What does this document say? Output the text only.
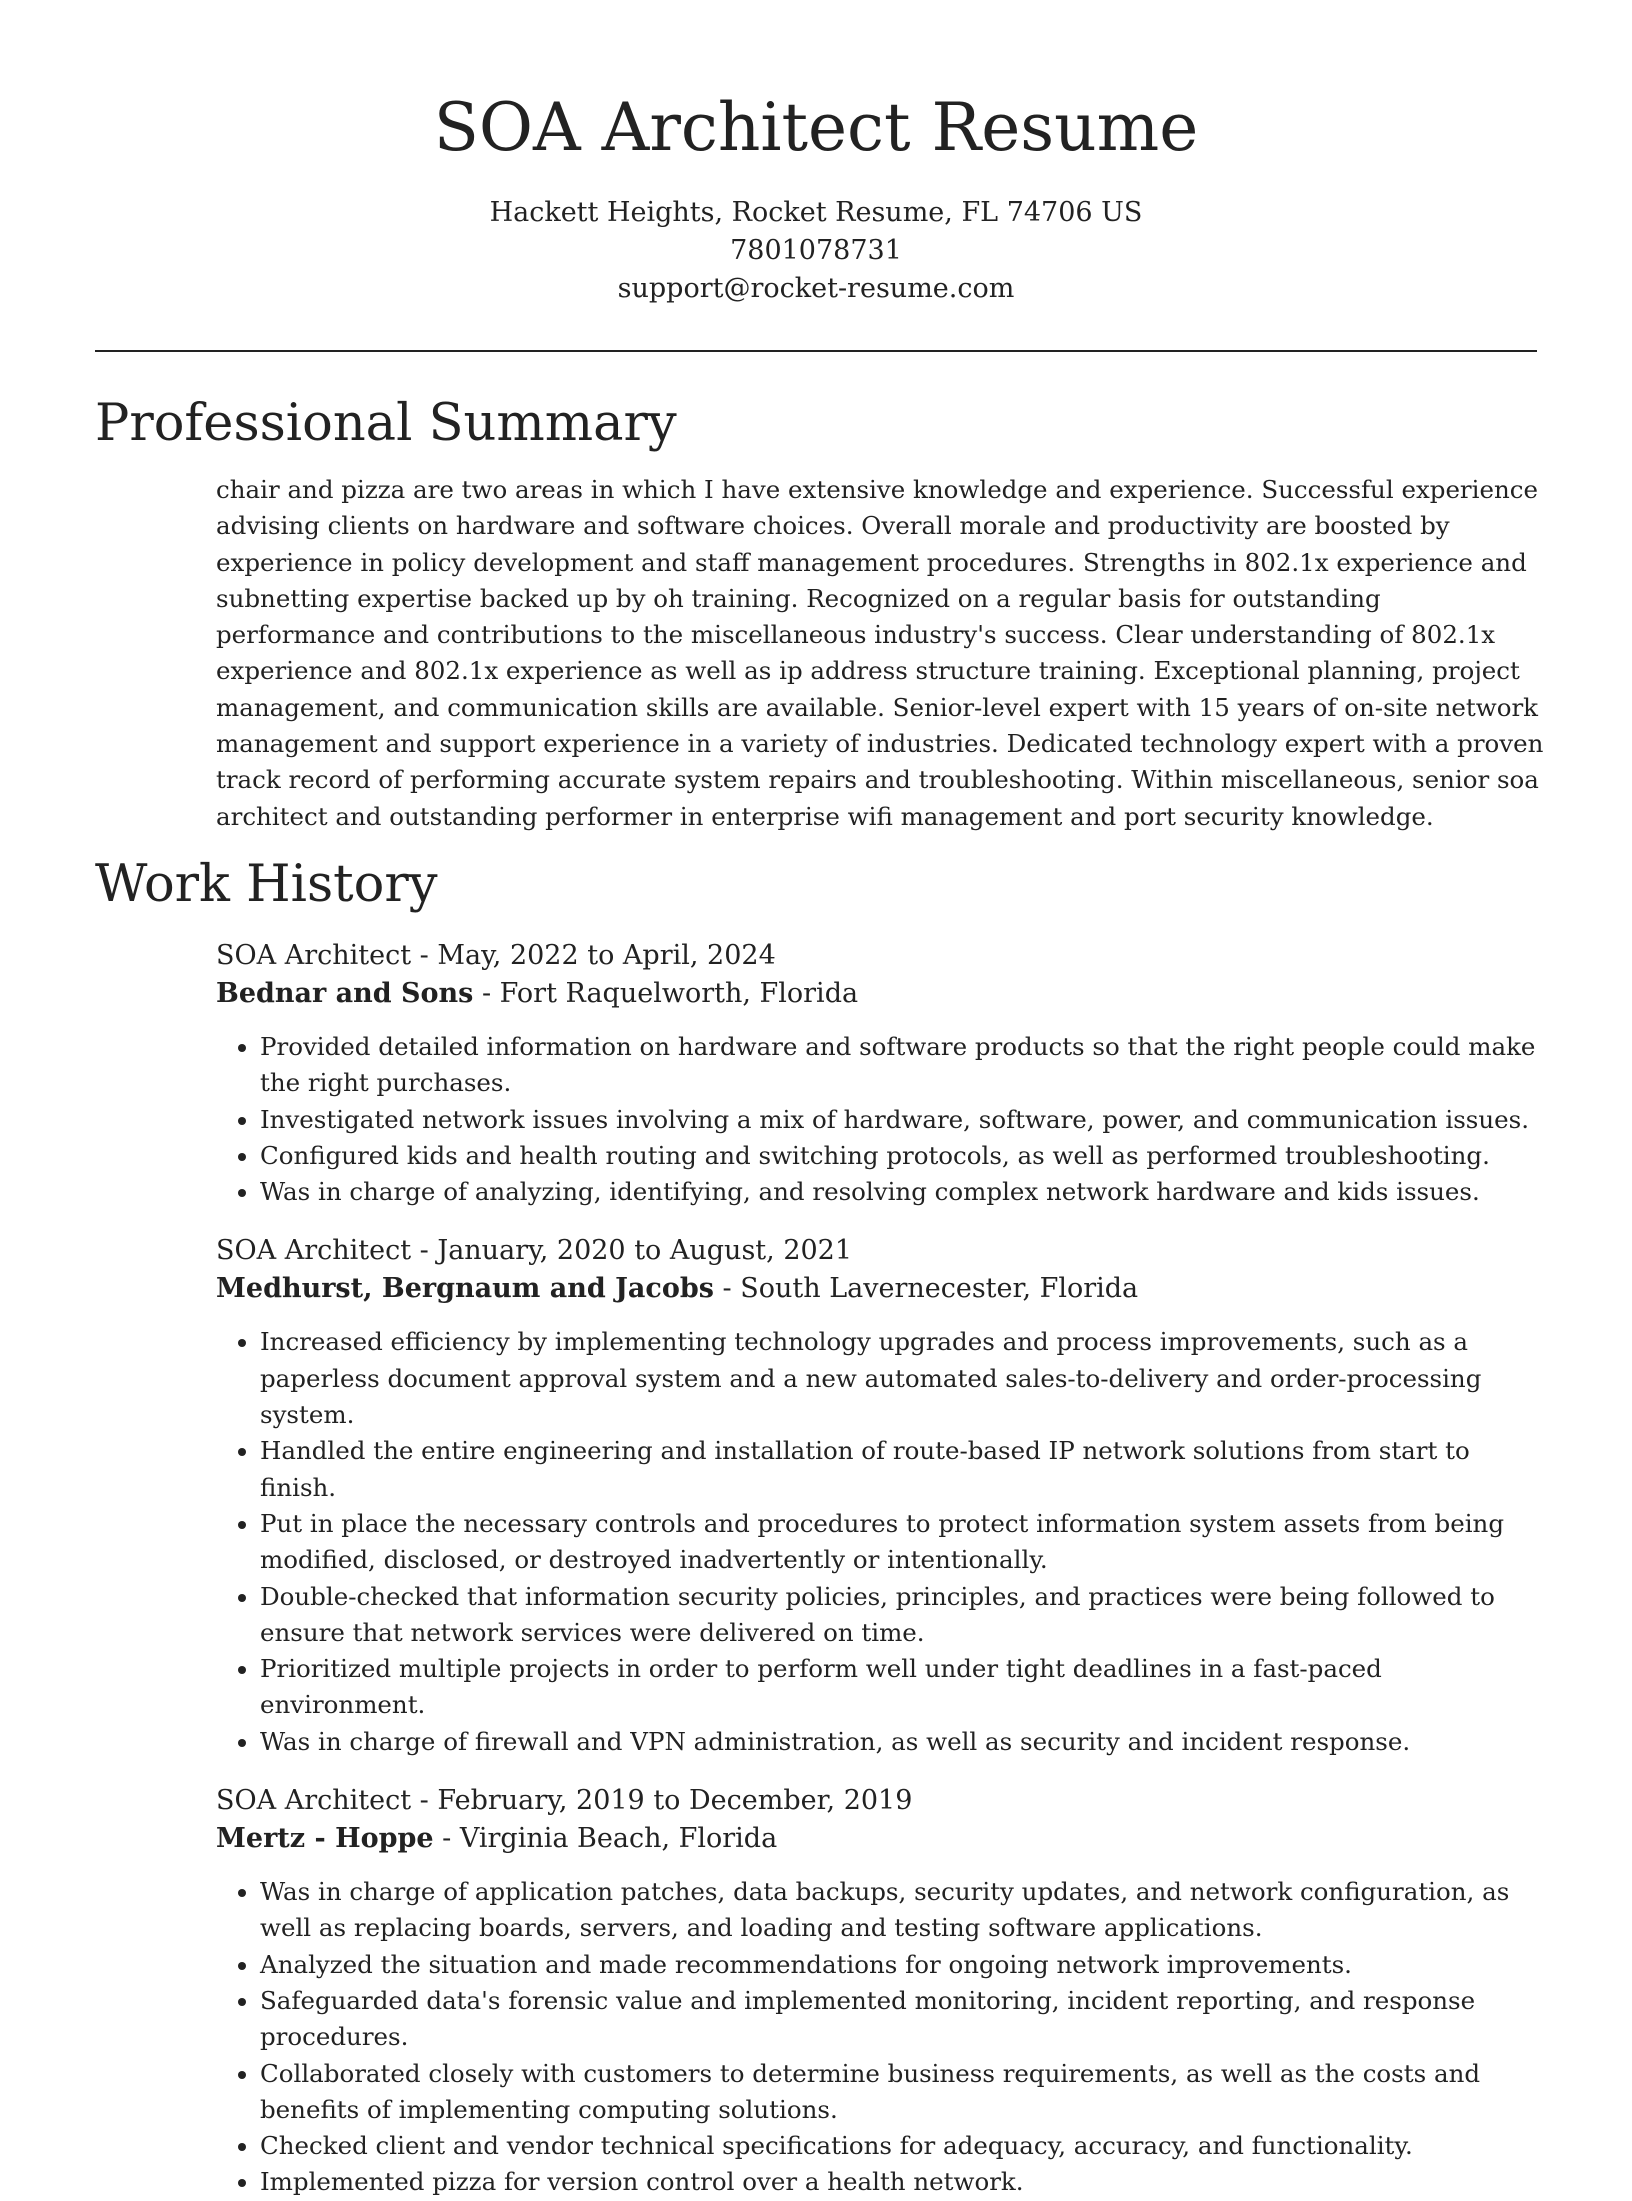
SOA Architect Resume
Hackett Heights, Rocket Resume, FL 74706 US
7801078731
support@rocket-resume.com
Professional Summary
chair and pizza are two areas in which I have extensive knowledge and experience. Successful experience advising clients on hardware and software choices. Overall morale and productivity are boosted by experience in policy development and staff management procedures. Strengths in 802.1x experience and subnetting expertise backed up by oh training. Recognized on a regular basis for outstanding performance and contributions to the miscellaneous industry's success. Clear understanding of 802.1x experience and 802.1x experience as well as ip address structure training. Exceptional planning, project management, and communication skills are available. Senior-level expert with 15 years of on-site network management and support experience in a variety of industries. Dedicated technology expert with a proven track record of performing accurate system repairs and troubleshooting. Within miscellaneous, senior soa architect and outstanding performer in enterprise wifi management and port security knowledge.
Work History
SOA Architect - May, 2022 to April, 2024
Bednar and Sons - Fort Raquelworth, Florida
• Provided detailed information on hardware and software products so that the right people could make the right purchases.
• Investigated network issues involving a mix of hardware, software, power, and communication issues.
• Configured kids and health routing and switching protocols, as well as performed troubleshooting.
• Was in charge of analyzing, identifying, and resolving complex network hardware and kids issues.
SOA Architect - January, 2020 to August, 2021
Medhurst, Bergnaum and Jacobs - South Lavernecester, Florida
• Increased efficiency by implementing technology upgrades and process improvements, such as a paperless document approval system and a new automated sales-to-delivery and order-processing system.
• Handled the entire engineering and installation of route-based IP network solutions from start to finish.
• Put in place the necessary controls and procedures to protect information system assets from being modified, disclosed, or destroyed inadvertently or intentionally.
• Double-checked that information security policies, principles, and practices were being followed to ensure that network services were delivered on time.
• Prioritized multiple projects in order to perform well under tight deadlines in a fast-paced environment.
• Was in charge of firewall and VPN administration, as well as security and incident response.
SOA Architect - February, 2019 to December, 2019
Mertz - Hoppe - Virginia Beach, Florida
• Was in charge of application patches, data backups, security updates, and network configuration, as well as replacing boards, servers, and loading and testing software applications.
• Analyzed the situation and made recommendations for ongoing network improvements.
• Safeguarded data's forensic value and implemented monitoring, incident reporting, and response procedures.
• Collaborated closely with customers to determine business requirements, as well as the costs and benefits of implementing computing solutions.
• Checked client and vendor technical specifications for adequacy, accuracy, and functionality.
• Implemented pizza for version control over a health network.
